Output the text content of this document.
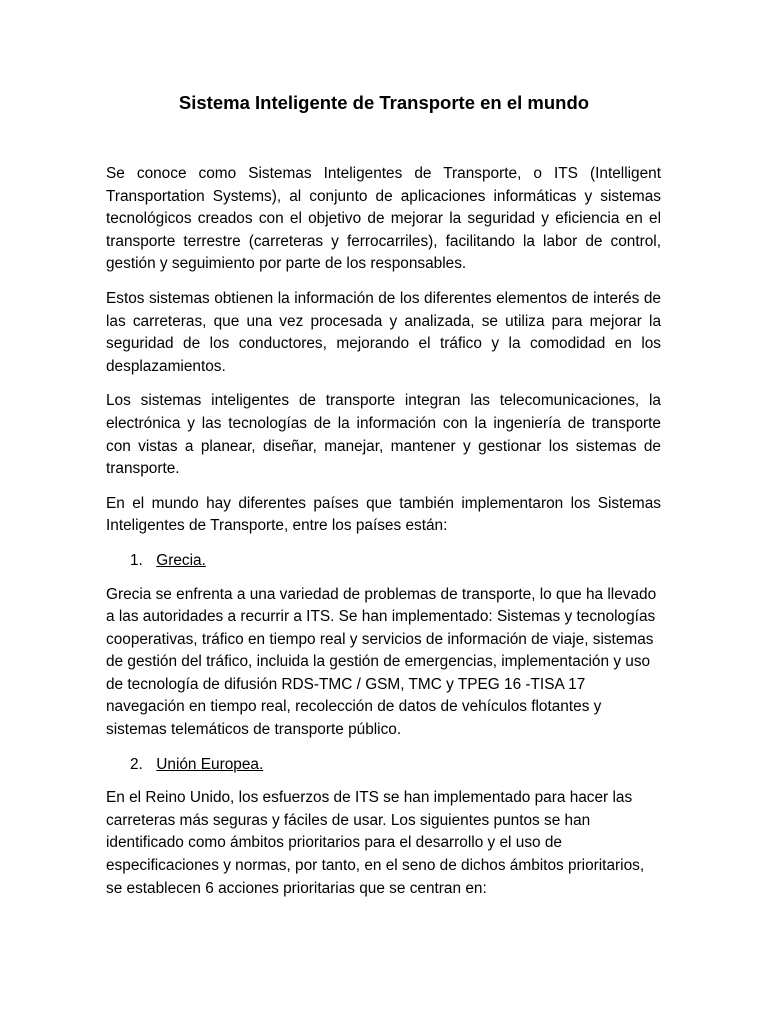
Sistema Inteligente de Transporte en el mundo

Se conoce como Sistemas Inteligentes de Transporte, o ITS (Intelligent Transportation Systems), al conjunto de aplicaciones informáticas y sistemas tecnológicos creados con el objetivo de mejorar la seguridad y eficiencia en el transporte terrestre (carreteras y ferrocarriles), facilitando la labor de control, gestión y seguimiento por parte de los responsables.

Estos sistemas obtienen la información de los diferentes elementos de interés de las carreteras, que una vez procesada y analizada, se utiliza para mejorar la seguridad de los conductores, mejorando el tráfico y la comodidad en los desplazamientos.

Los sistemas inteligentes de transporte integran las telecomunicaciones, la electrónica y las tecnologías de la información con la ingeniería de transporte con vistas a planear, diseñar, manejar, mantener y gestionar los sistemas de transporte.

En el mundo hay diferentes países que también implementaron los Sistemas Inteligentes de Transporte, entre los países están:

1. Grecia.

Grecia se enfrenta a una variedad de problemas de transporte, lo que ha llevado a las autoridades a recurrir a ITS. Se han implementado: Sistemas y tecnologías cooperativas, tráfico en tiempo real y servicios de información de viaje, sistemas de gestión del tráfico, incluida la gestión de emergencias, implementación y uso de tecnología de difusión RDS-TMC / GSM, TMC y TPEG 16 -TISA 17 navegación en tiempo real, recolección de datos de vehículos flotantes y sistemas telemáticos de transporte público.

2. Unión Europea.

En el Reino Unido, los esfuerzos de ITS se han implementado para hacer las carreteras más seguras y fáciles de usar. Los siguientes puntos se han identificado como ámbitos prioritarios para el desarrollo y el uso de especificaciones y normas, por tanto, en el seno de dichos ámbitos prioritarios, se establecen 6 acciones prioritarias que se centran en:
